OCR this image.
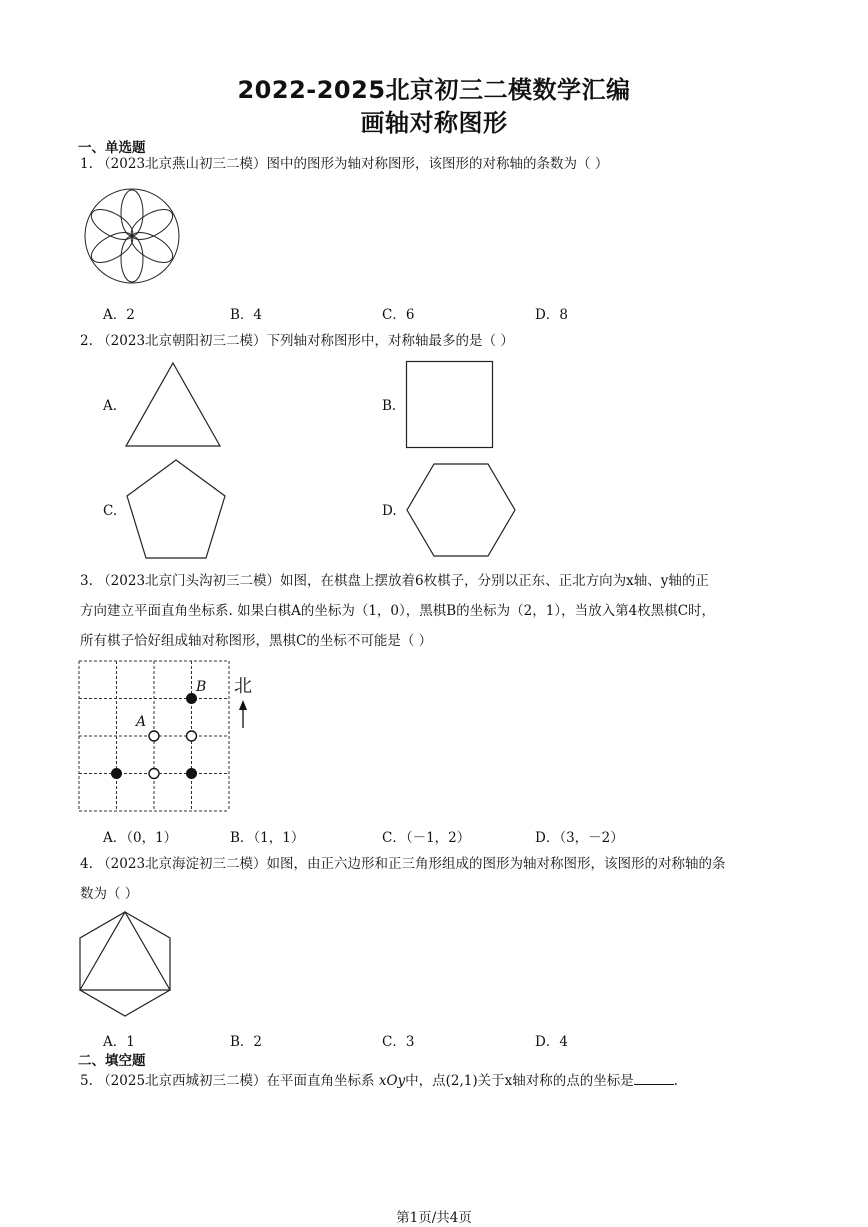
2022-2025北京初三二模数学汇编
画轴对称图形
一、单选题
1. （2023北京燕山初三二模）图中的图形为轴对称图形，该图形的对称轴的条数为（ ）
A．2	B．4	C．6	D．8
2. （2023北京朝阳初三二模）下列轴对称图形中，对称轴最多的是（ ）
A.	B.
C.	D.
3. （2023北京门头沟初三二模）如图，在棋盘上摆放着6枚棋子，分别以正东、正北方向为x轴、y轴的正
方向建立平面直角坐标系. 如果白棋A的坐标为（1，0），黑棋B的坐标为（2，1），当放入第4枚黑棋C时，
所有棋子恰好组成轴对称图形，黑棋C的坐标不可能是（ ）
B
A
北
A．（0，1）	B．（1，1）	C．（－1，2）	D．（3，－2）
4. （2023北京海淀初三二模）如图，由正六边形和正三角形组成的图形为轴对称图形，该图形的对称轴的条
数为（ ）
A．1	B．2	C．3	D．4
二、填空题
5. （2025北京西城初三二模）在平面直角坐标系 xOy中，点(2,1)关于x轴对称的点的坐标是	.
第1页/共4页
